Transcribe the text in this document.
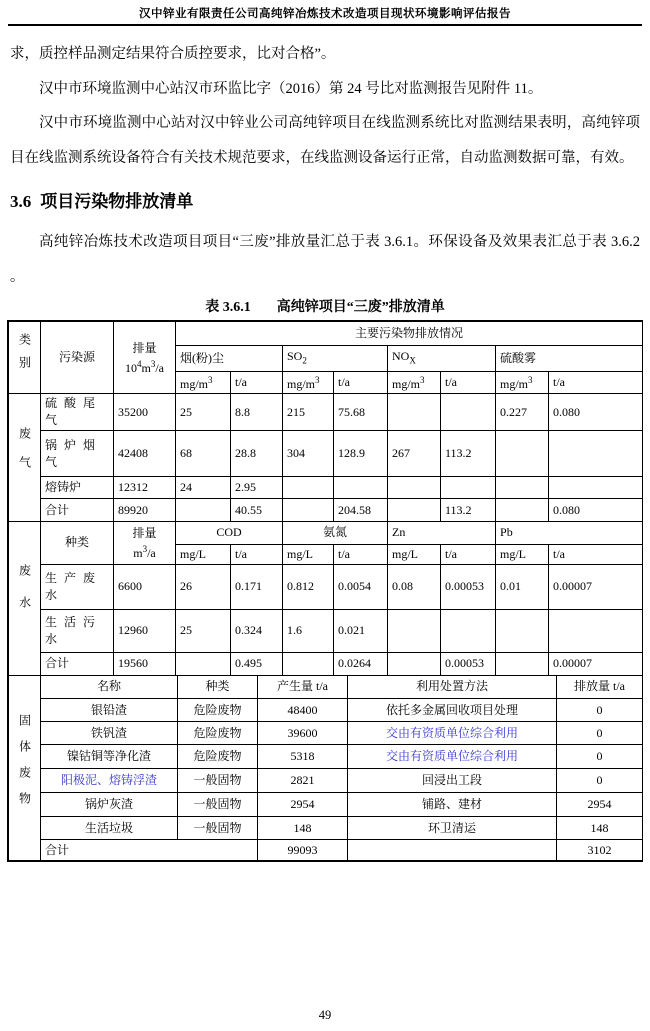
汉中锌业有限责任公司高纯锌冶炼技术改造项目现状环境影响评估报告

求，质控样品测定结果符合质控要求，比对合格”。

汉中市环境监测中心站汉市环监比字（2016）第 24 号比对监测报告见附件 11。

汉中市环境监测中心站对汉中锌业公司高纯锌项目在线监测系统比对监测结果表明，高纯锌项目在线监测系统设备符合有关技术规范要求，在线监测设备运行正常，自动监测数据可靠，有效。

3.6 项目污染物排放清单

高纯锌冶炼技术改造项目项目“三废”排放量汇总于表 3.6.1。环保设备及效果表汇总于表 3.6.2 。

表 3.6.1 高纯锌项目“三废”排放清单
类别	污染源	排量
$10^4m^3/a$	主要污染物排放情况							
			烟(粉)尘		$SO_2$		$NO_X$		硫酸雾	
			$mg/m^3$	t/a	$mg/m^3$	t/a	$mg/m^3$	t/a	$mg/m^3$	t/a
废气	硫酸尾气	35200	25	8.8	215	75.68			0.227	0.080
	锅炉烟气	42408	68	28.8	304	128.9	267	113.2		
	熔铸炉	12312	24	2.95						
	合计	89920		40.55		204.58		113.2		0.080
废水	种类	排量
$m^3/a$	COD		氨氮		Zn		Pb	
			mg/L	t/a	mg/L	t/a	mg/L	t/a	mg/L	t/a
	生产废水	6600	26	0.171	0.812	0.0054	0.08	0.00053	0.01	0.00007
	生活污水	12960	25	0.324	1.6	0.021				
	合计	19560		0.495		0.0264		0.00053		0.00007
固体废物	名称	种类	产生量 t/a	利用处置方法	排放量 t/a
	银铅渣	危险废物	48400	依托多金属回收项目处理	0
	铁钒渣	危险废物	39600	交由有资质单位综合利用	0
	镍钴铜等净化渣	危险废物	5318	交由有资质单位综合利用	0
	阳极泥、熔铸浮渣	一般固物	2821	回浸出工段	0
	锅炉灰渣	一般固物	2954	铺路、建材	2954
	生活垃圾	一般固物	148	环卫清运	148
	合计		99093		3102
49
